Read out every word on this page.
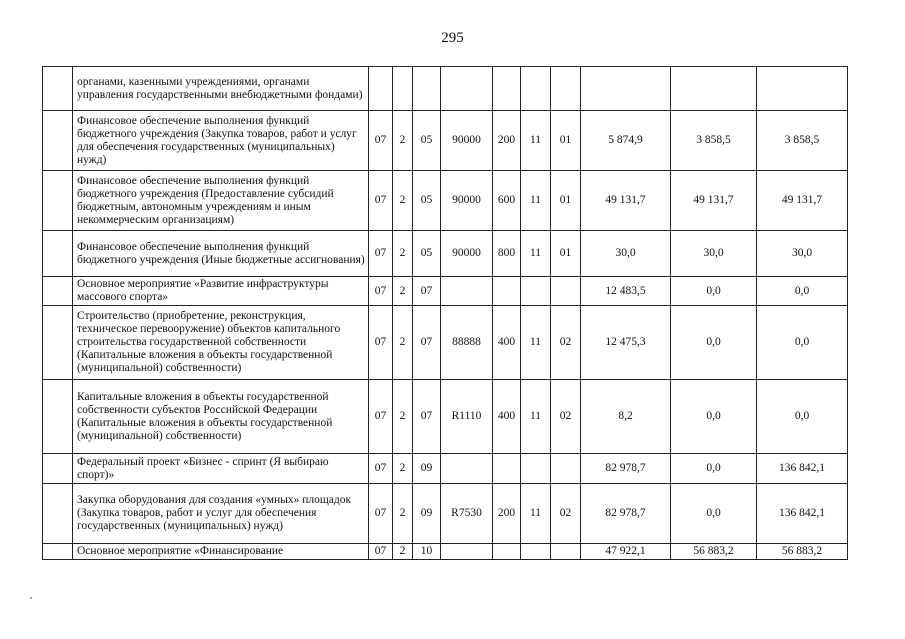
295
	органами, казенными учреждениями, органами управления государственными внебюджетными фондами)										
	Финансовое обеспечение выполнения функций бюджетного учреждения (Закупка товаров, работ и услуг для обеспечения государственных (муниципальных) нужд)	07	2	05	90000	200	11	01	5 874,9	3 858,5	3 858,5
	Финансовое обеспечение выполнения функций бюджетного учреждения (Предоставление субсидий бюджетным, автономным учреждениям и иным некоммерческим организациям)	07	2	05	90000	600	11	01	49 131,7	49 131,7	49 131,7
	Финансовое обеспечение выполнения функций бюджетного учреждения (Иные бюджетные ассигнования)	07	2	05	90000	800	11	01	30,0	30,0	30,0
	Основное мероприятие «Развитие инфраструктуры массового спорта»	07	2	07					12 483,5	0,0	0,0
	Строительство (приобретение, реконструкция, техническое перевооружение) объектов капитального строительства государственной собственности (Капитальные вложения в объекты государственной (муниципальной) собственности)	07	2	07	88888	400	11	02	12 475,3	0,0	0,0
	Капитальные вложения в объекты государственной собственности субъектов Российской Федерации (Капитальные вложения в объекты государственной (муниципальной) собственности)	07	2	07	R1110	400	11	02	8,2	0,0	0,0
	Федеральный проект «Бизнес - спринт (Я выбираю спорт)»	07	2	09					82 978,7	0,0	136 842,1
	Закупка оборудования для создания «умных» площадок (Закупка товаров, работ и услуг для обеспечения государственных (муниципальных) нужд)	07	2	09	R7530	200	11	02	82 978,7	0,0	136 842,1
	Основное мероприятие «Финансирование	07	2	10					47 922,1	56 883,2	56 883,2
